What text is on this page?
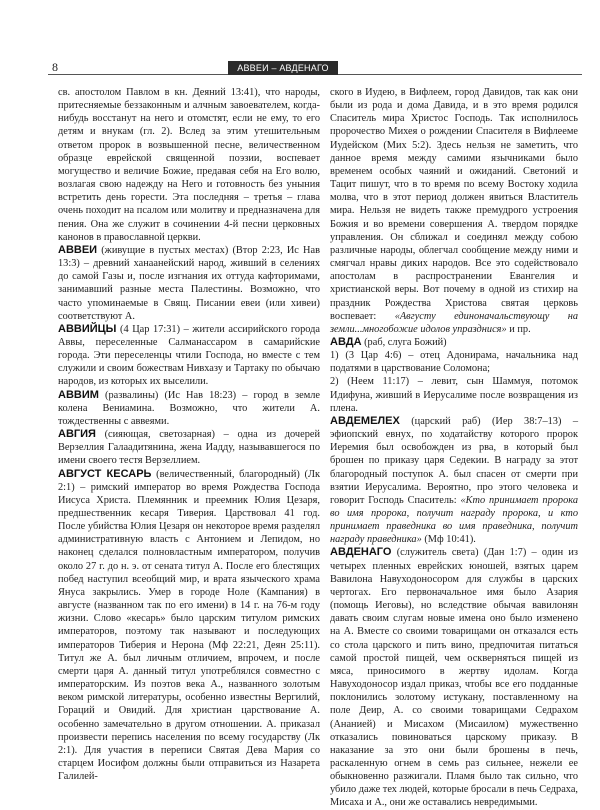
8	АВВЕИ – АВДЕНАГО

св. апостолом Павлом в кн. Деяний 13:41), что народы, притесняемые беззаконным и алчным завоевателем, когда-нибудь восстанут на него и отомстят, если не ему, то его детям и внукам (гл. 2). Вслед за этим утешительным ответом пророк в возвышенной песне, величественном образце еврейской священной поэзии, воспевает могущество и величие Божие, предавая себя на Его волю, возлагая свою надежду на Него и готовность без уныния встретить день горести. Эта последняя – третья – глава очень походит на псалом или молитву и предназначена для пения. Она же служит в сочинении 4-й песни церковных канонов в православной церкви.

АВВЕИ (живущие в пустых местах) (Втор 2:23, Ис Нав 13:3) – древний ханаанейский народ, живший в селениях до самой Газы и, после изгнания их оттуда кафторимами, занимавший разные места Палестины. Возможно, что часто упоминаемые в Свящ. Писании евеи (или хивеи) соответствуют А.

АВВИЙЦЫ (4 Цар 17:31) – жители ассирийского города Аввы, переселенные Салманассаром в самарийские города. Эти переселенцы чтили Господа, но вместе с тем служили и своим божествам Нивхазу и Тартаку по обычаю народов, из которых их выселили.

АВВИМ (развалины) (Ис Нав 18:23) – город в земле колена Вениамина. Возможно, что жители А. тождественны с аввеями.

АВГИЯ (сияющая, светозарная) – одна из дочерей Верзеллия Галаадитянина, жена Иадду, называвшегося по имени своего тестя Верзеллием.

АВГУСТ КЕСАРЬ (величественный, благородный) (Лк 2:1) – римский император во время Рождества Господа Иисуса Христа. Племянник и преемник Юлия Цезаря, предшественник кесаря Тиверия. Царствовал 41 год. После убийства Юлия Цезаря он некоторое время разделял административную власть с Антонием и Лепидом, но наконец сделался полновластным императором, получив около 27 г. до н. э. от сената титул А. После его блестящих побед наступил всеобщий мир, и врата языческого храма Януса закрылись. Умер в городе Ноле (Кампания) в августе (названном так по его имени) в 14 г. на 76-м году жизни. Слово «кесарь» было царским титулом римских императоров, поэтому так называют и последующих императоров Тиберия и Нерона (Мф 22:21, Деян 25:11). Титул же А. был личным отличием, впрочем, и после смерти царя А. данный титул употреблялся совместно с императорским. Из поэтов века А., названного золотым веком римской литературы, особенно известны Вергилий, Гораций и Овидий. Для христиан царствование А. особенно замечательно в другом отношении. А. приказал произвести перепись населения по всему государству (Лк 2:1). Для участия в переписи Святая Дева Мария со старцем Иосифом должны были отправиться из Назарета Галилей-

ского в Иудею, в Вифлеем, город Давидов, так как они были из рода и дома Давида, и в это время родился Спаситель мира Христос Господь. Так исполнилось пророчество Михея о рождении Спасителя в Вифлееме Иудейском (Мих 5:2). Здесь нельзя не заметить, что данное время между самими язычниками было временем особых чаяний и ожиданий. Светоний и Тацит пишут, что в то время по всему Востоку ходила молва, что в этот период должен явиться Властитель мира. Нельзя не видеть также премудрого устроения Божия и во времени совершения А. твердом порядке управления. Он сближал и соединял между собою различные народы, облегчал сообщение между ними и смягчал нравы диких народов. Все это содействовало апостолам в распространении Евангелия и христианской веры. Вот почему в одной из стихир на праздник Рождества Христова святая церковь воспевает: «Августу единоначальствующу на земли...многобожие идолов упразднися» и пр.

АВДА (раб, слуга Божий)

1) (3 Цар 4:6) – отец Адонирама, начальника над податями в царствование Соломона;

2) (Неем 11:17) – левит, сын Шаммуя, потомок Идифуна, живший в Иерусалиме после возвращения из плена.

АВДЕМЕЛЕХ (царский раб) (Иер 38:7–13) – эфиопский евнух, по ходатайству которого пророк Иеремия был освобожден из рва, в который был брошен по приказу царя Седекии. В награду за этот благородный поступок А. был спасен от смерти при взятии Иерусалима. Вероятно, про этого человека и говорит Господь Спаситель: «Кто принимает пророка во имя пророка, получит награду пророка, и кто принимает праведника во имя праведника, получит награду праведника» (Мф 10:41).

АВДЕНАГО (служитель света) (Дан 1:7) – один из четырех пленных еврейских юношей, взятых царем Вавилона Навуходоносором для службы в царских чертогах. Его первоначальное имя было Азария (помощь Иеговы), но вследствие обычая вавилонян давать своим слугам новые имена оно было изменено на А. Вместе со своими товарищами он отказался есть со стола царского и пить вино, предпочитая питаться самой простой пищей, чем оскверняться пищей из мяса, приносимого в жертву идолам. Когда Навуходоносор издал приказ, чтобы все его подданные поклонились золотому истукану, поставленному на поле Деир, А. со своими товарищами Седрахом (Ананией) и Мисахом (Мисаилом) мужественно отказались повиноваться царскому приказу. В наказание за это они были брошены в печь, раскаленную огнем в семь раз сильнее, нежели ее обыкновенно разжигали. Пламя было так сильно, что убило даже тех людей, которые бросали в печь Седраха, Мисаха и А., они же оставались невредимыми.
